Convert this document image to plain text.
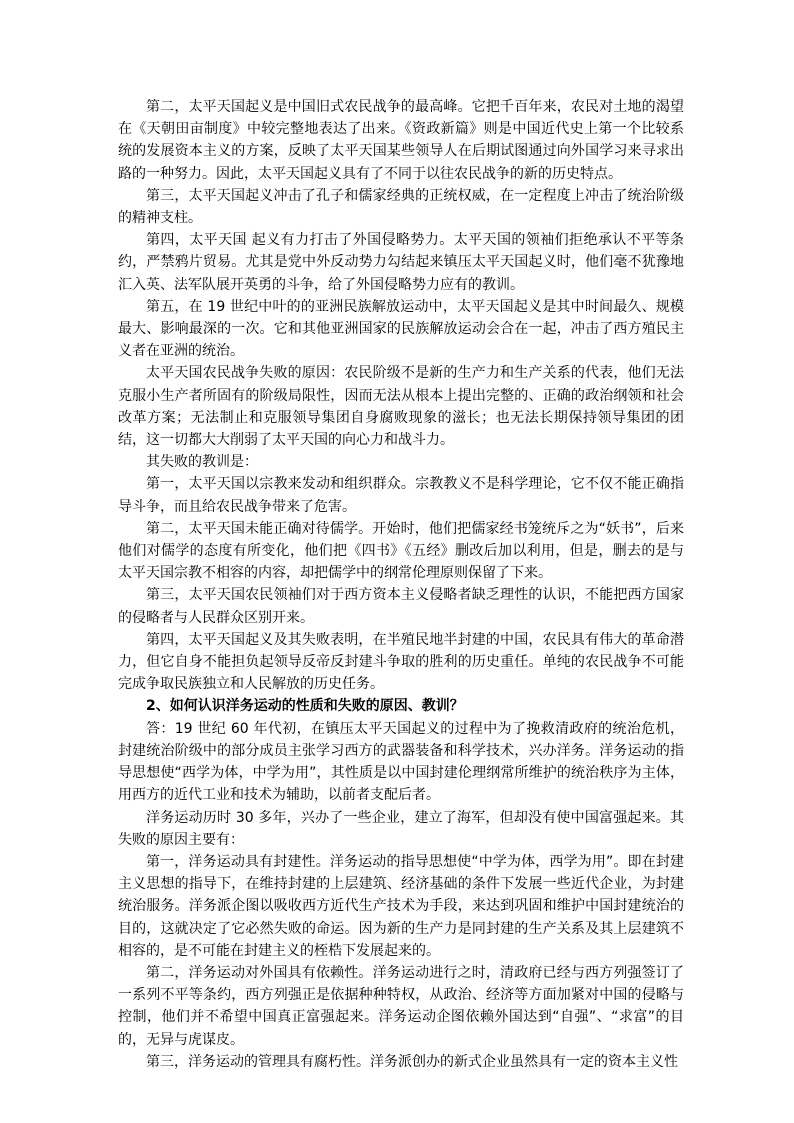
第二，太平天国起义是中国旧式农民战争的最高峰。它把千百年来，农民对土地的渴望在《天朝田亩制度》中较完整地表达了出来。《资政新篇》则是中国近代史上第一个比较系统的发展资本主义的方案，反映了太平天国某些领导人在后期试图通过向外国学习来寻求出路的一种努力。因此，太平天国起义具有了不同于以往农民战争的新的历史特点。

第三，太平天国起义冲击了孔子和儒家经典的正统权威，在一定程度上冲击了统治阶级的精神支柱。

第四，太平天国 起义有力打击了外国侵略势力。太平天国的领袖们拒绝承认不平等条约，严禁鸦片贸易。尤其是党中外反动势力勾结起来镇压太平天国起义时，他们毫不犹豫地汇入英、法军队展开英勇的斗争，给了外国侵略势力应有的教训。

第五，在 19 世纪中叶的的亚洲民族解放运动中，太平天国起义是其中时间最久、规模最大、影响最深的一次。它和其他亚洲国家的民族解放运动会合在一起，冲击了西方殖民主义者在亚洲的统治。

太平天国农民战争失败的原因：农民阶级不是新的生产力和生产关系的代表，他们无法克服小生产者所固有的阶级局限性，因而无法从根本上提出完整的、正确的政治纲领和社会改革方案；无法制止和克服领导集团自身腐败现象的滋长；也无法长期保持领导集团的团结，这一切都大大削弱了太平天国的向心力和战斗力。

其失败的教训是：

第一，太平天国以宗教来发动和组织群众。宗教教义不是科学理论，它不仅不能正确指导斗争，而且给农民战争带来了危害。

第二，太平天国未能正确对待儒学。开始时，他们把儒家经书笼统斥之为“妖书”，后来他们对儒学的态度有所变化，他们把《四书》《五经》删改后加以利用，但是，删去的是与太平天国宗教不相容的内容，却把儒学中的纲常伦理原则保留了下来。

第三，太平天国农民领袖们对于西方资本主义侵略者缺乏理性的认识，不能把西方国家的侵略者与人民群众区别开来。

第四，太平天国起义及其失败表明，在半殖民地半封建的中国，农民具有伟大的革命潜力，但它自身不能担负起领导反帝反封建斗争取的胜利的历史重任。单纯的农民战争不可能完成争取民族独立和人民解放的历史任务。

2、如何认识洋务运动的性质和失败的原因、教训？

答：19 世纪 60 年代初，在镇压太平天国起义的过程中为了挽救清政府的统治危机，封建统治阶级中的部分成员主张学习西方的武器装备和科学技术，兴办洋务。洋务运动的指导思想使“西学为体，中学为用”，其性质是以中国封建伦理纲常所维护的统治秩序为主体，用西方的近代工业和技术为辅助，以前者支配后者。

洋务运动历时 30 多年，兴办了一些企业，建立了海军，但却没有使中国富强起来。其失败的原因主要有：

第一，洋务运动具有封建性。洋务运动的指导思想使“中学为体，西学为用”。即在封建主义思想的指导下，在维持封建的上层建筑、经济基础的条件下发展一些近代企业，为封建统治服务。洋务派企图以吸收西方近代生产技术为手段，来达到巩固和维护中国封建统治的目的，这就决定了它必然失败的命运。因为新的生产力是同封建的生产关系及其上层建筑不相容的，是不可能在封建主义的桎梏下发展起来的。

第二，洋务运动对外国具有依赖性。洋务运动进行之时，清政府已经与西方列强签订了一系列不平等条约，西方列强正是依据种种特权，从政治、经济等方面加紧对中国的侵略与控制，他们并不希望中国真正富强起来。洋务运动企图依赖外国达到“自强”、“求富”的目的，无异与虎谋皮。

第三，洋务运动的管理具有腐朽性。洋务派创办的新式企业虽然具有一定的资本主义性
